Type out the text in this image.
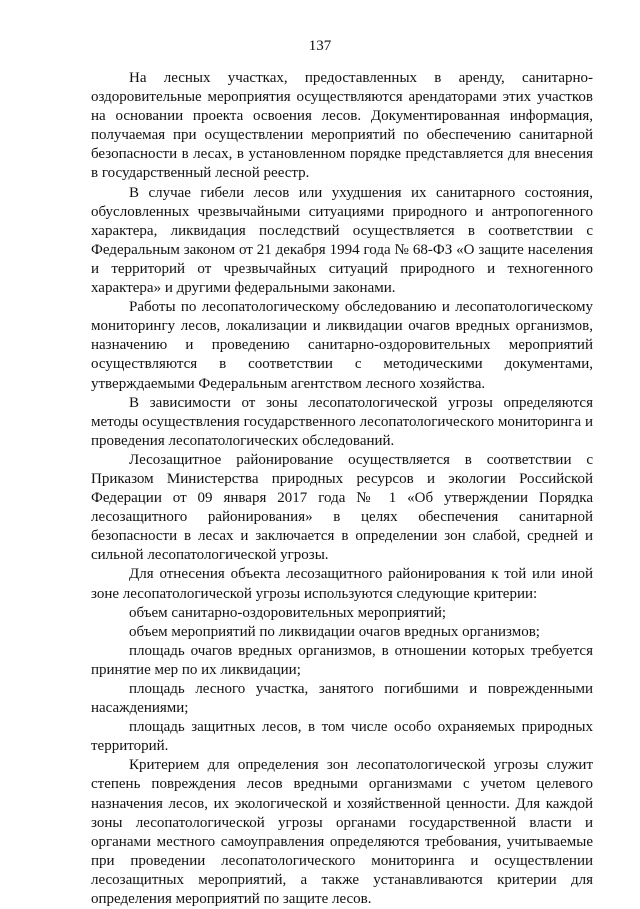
137

На лесных участках, предоставленных в аренду, санитарно-оздоровительные мероприятия осуществляются арендаторами этих участков на основании проекта освоения лесов. Документированная информация, получаемая при осуществлении мероприятий по обеспечению санитарной безопасности в лесах, в установленном порядке представляется для внесения в государственный лесной реестр.

В случае гибели лесов или ухудшения их санитарного состояния, обусловленных чрезвычайными ситуациями природного и антропогенного характера, ликвидация последствий осуществляется в соответствии с Федеральным законом от 21 декабря 1994 года № 68-ФЗ «О защите населения и территорий от чрезвычайных ситуаций природного и техногенного характера» и другими федеральными законами.

Работы по лесопатологическому обследованию и лесопатологическому мониторингу лесов, локализации и ликвидации очагов вредных организмов, назначению и проведению санитарно-оздоровительных мероприятий осуществляются в соответствии с методическими документами, утверждаемыми Федеральным агентством лесного хозяйства.

В зависимости от зоны лесопатологической угрозы определяются методы осуществления государственного лесопатологического мониторинга и проведения лесопатологических обследований.

Лесозащитное районирование осуществляется в соответствии с Приказом Министерства природных ресурсов и экологии Российской Федерации от 09 января 2017 года № 1 «Об утверждении Порядка лесозащитного районирования» в целях обеспечения санитарной безопасности в лесах и заключается в определении зон слабой, средней и сильной лесопатологической угрозы.

Для отнесения объекта лесозащитного районирования к той или иной зоне лесопатологической угрозы используются следующие критерии:

объем санитарно-оздоровительных мероприятий;

объем мероприятий по ликвидации очагов вредных организмов;

площадь очагов вредных организмов, в отношении которых требуется принятие мер по их ликвидации;

площадь лесного участка, занятого погибшими и поврежденными насаждениями;

площадь защитных лесов, в том числе особо охраняемых природных территорий.

Критерием для определения зон лесопатологической угрозы служит степень повреждения лесов вредными организмами с учетом целевого назначения лесов, их экологической и хозяйственной ценности. Для каждой зоны лесопатологической угрозы органами государственной власти и органами местного самоуправления определяются требования, учитываемые при проведении лесопатологического мониторинга и осуществлении лесозащитных мероприятий, а также устанавливаются критерии для определения мероприятий по защите лесов.
